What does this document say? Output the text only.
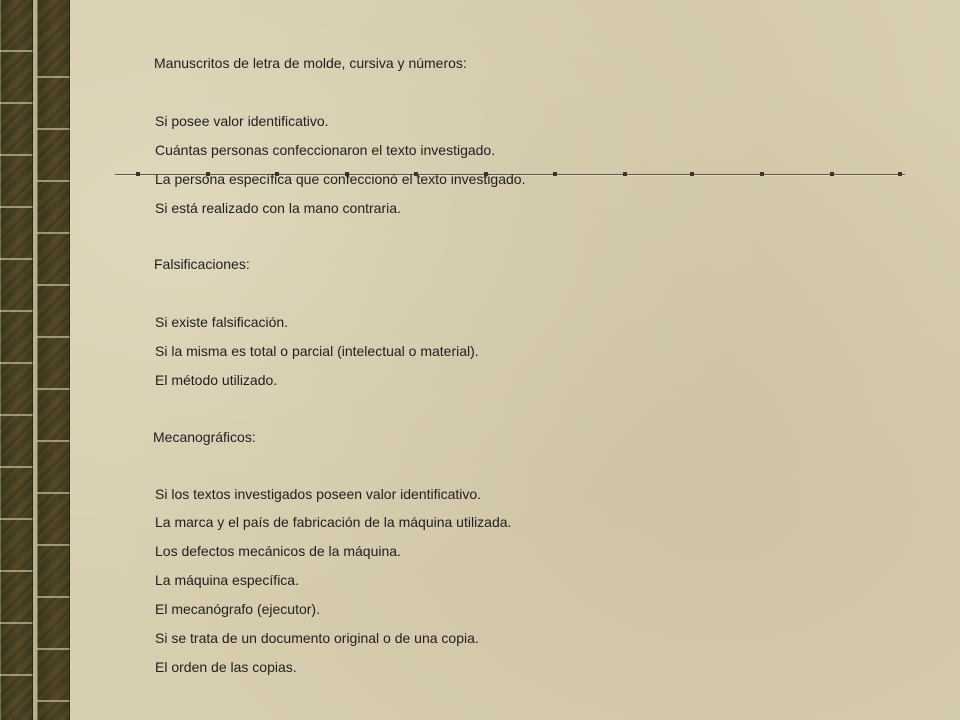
Manuscritos de letra de molde, cursiva y números:

Si posee valor identificativo.

Cuántas personas confeccionaron el texto investigado.

La persona específica que confeccionó el texto investigado.

Si está realizado con la mano contraria.

Falsificaciones:

Si existe falsificación.

Si la misma es total o parcial (intelectual o material).

El método utilizado.

Mecanográficos:

Si los textos investigados poseen valor identificativo.

La marca y el país de fabricación de la máquina utilizada.

Los defectos mecánicos de la máquina.

La máquina específica.

El mecanógrafo (ejecutor).

Si se trata de un documento original o de una copia.

El orden de las copias.
